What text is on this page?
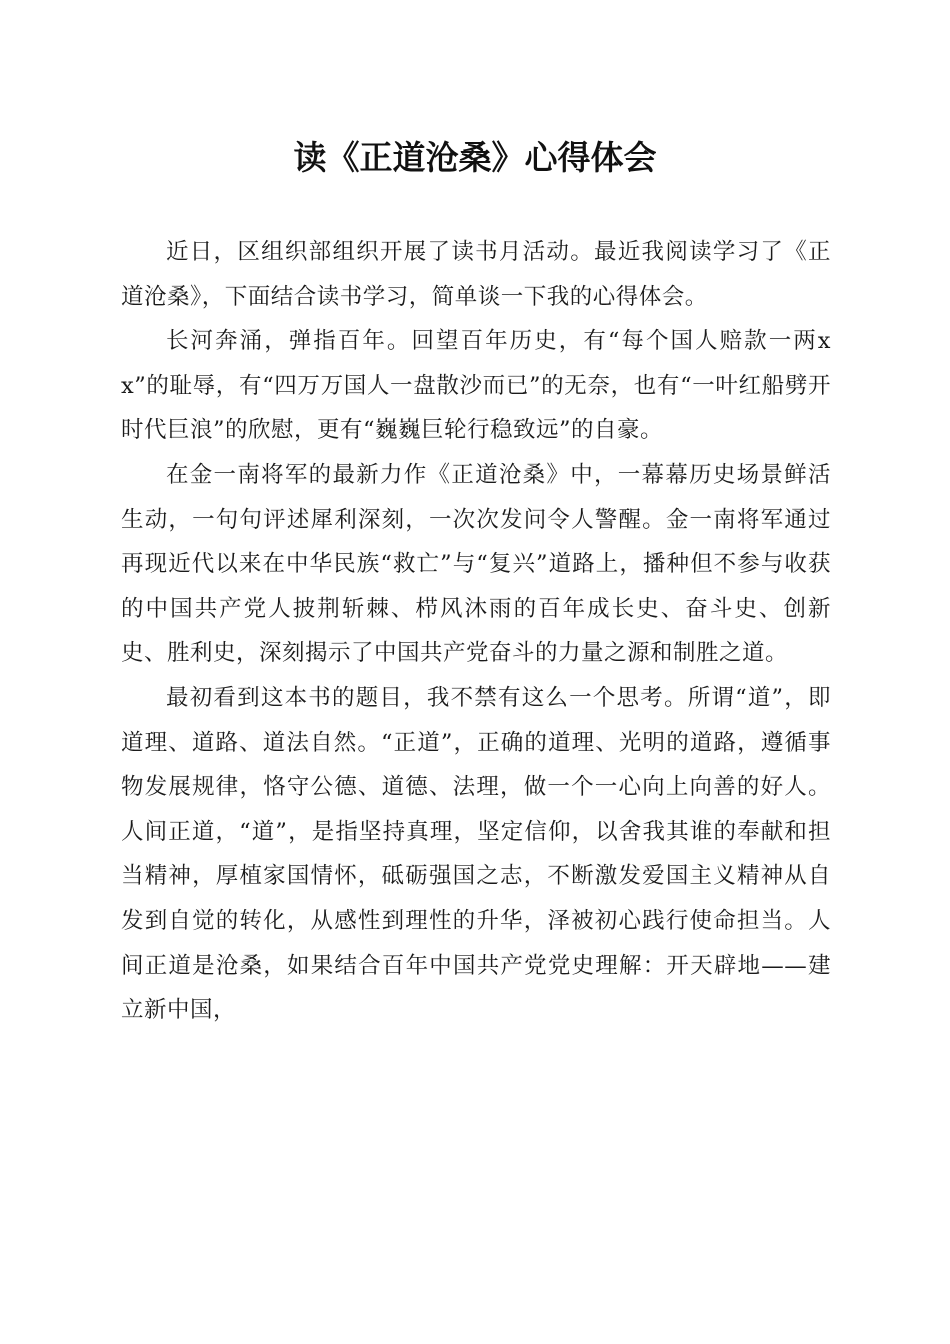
读《正道沧桑》心得体会

近日，区组织部组织开展了读书月活动。最近我阅读学习了《正道沧桑》，下面结合读书学习，简单谈一下我的心得体会。

长河奔涌，弹指百年。回望百年历史，有“每个国人赔款一两xx”的耻辱，有“四万万国人一盘散沙而已”的无奈，也有“一叶红船劈开时代巨浪”的欣慰，更有“巍巍巨轮行稳致远”的自豪。

在金一南将军的最新力作《正道沧桑》中，一幕幕历史场景鲜活生动，一句句评述犀利深刻，一次次发问令人警醒。金一南将军通过再现近代以来在中华民族“救亡”与“复兴”道路上，播种但不参与收获的中国共产党人披荆斩棘、栉风沐雨的百年成长史、奋斗史、创新史、胜利史，深刻揭示了中国共产党奋斗的力量之源和制胜之道。

最初看到这本书的题目，我不禁有这么一个思考。所谓“道”，即道理、道路、道法自然。“正道”，正确的道理、光明的道路，遵循事物发展规律，恪守公德、道德、法理，做一个一心向上向善的好人。人间正道，“道”，是指坚持真理，坚定信仰，以舍我其谁的奉献和担当精神，厚植家国情怀，砥砺强国之志，不断激发爱国主义精神从自发到自觉的转化，从感性到理性的升华，泽被初心践行使命担当。人间正道是沧桑，如果结合百年中国共产党党史理解：开天辟地——建立新中国，
